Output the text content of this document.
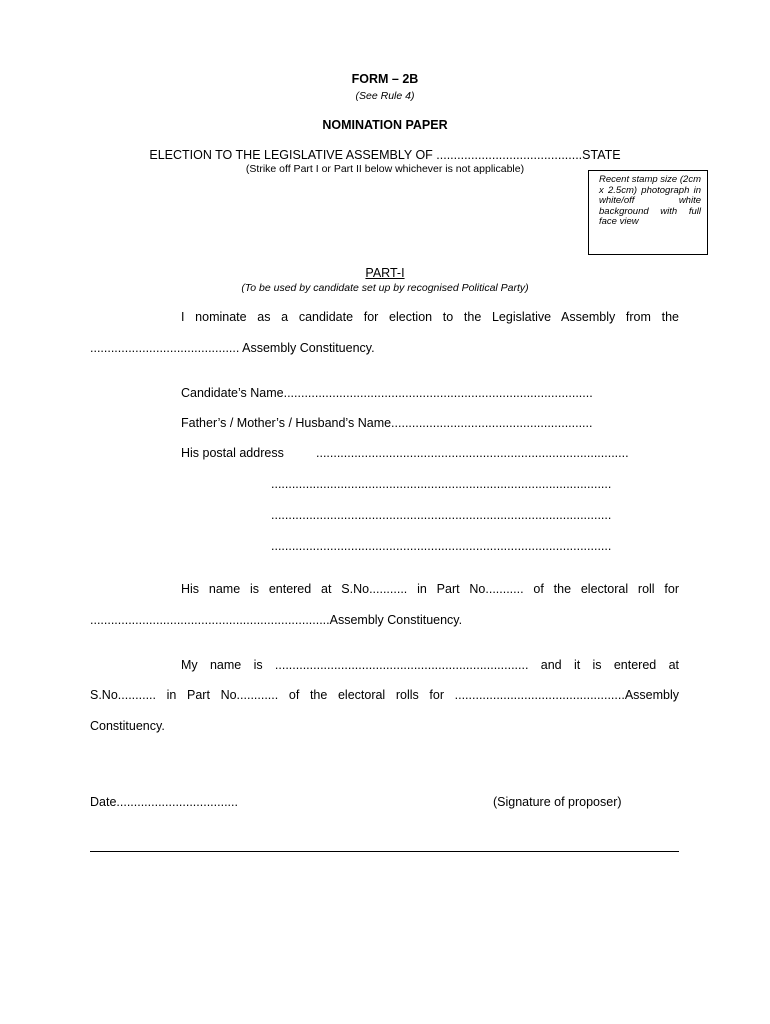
FORM – 2B
(See Rule 4)
NOMINATION PAPER
ELECTION TO THE LEGISLATIVE ASSEMBLY OF ..........................................STATE
(Strike off Part I or Part II below whichever is not applicable)
Recent stamp size (2cm x 2.5cm) photograph in white/off white background with full face view
PART-I
(To be used by candidate set up by recognised Political Party)
I nominate as a candidate for election to the Legislative Assembly from the
........................................... Assembly Constituency.
Candidate’s Name.........................................................................................
Father’s / Mother’s / Husband’s Name..........................................................
His postal address	..........................................................................................
..................................................................................................
..................................................................................................
..................................................................................................
His name is entered at S.No........... in Part No........... of the electoral roll for
.....................................................................Assembly Constituency.
My name is ......................................................................... and it is entered at
S.No........... in Part No............ of the electoral rolls for .................................................Assembly
Constituency.
Date...................................	(Signature of proposer)
